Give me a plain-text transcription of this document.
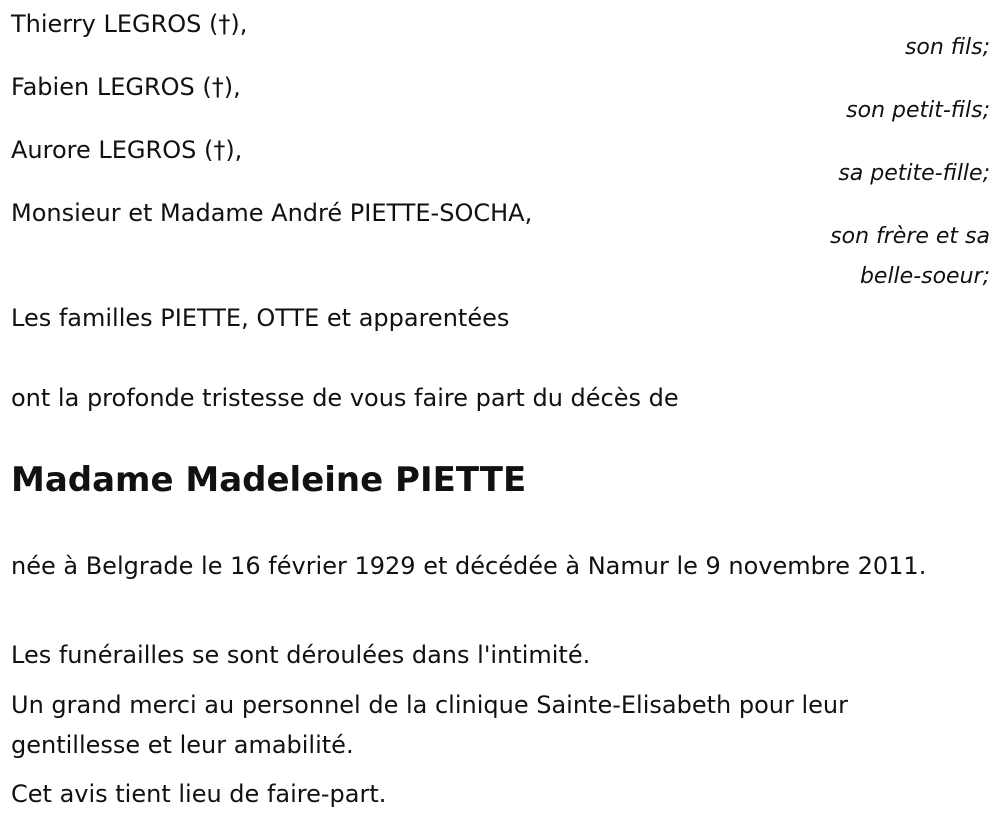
Thierry LEGROS (†),
son fils;
Fabien LEGROS (†),
son petit-fils;
Aurore LEGROS (†),
sa petite-fille;
Monsieur et Madame André PIETTE-SOCHA,
son frère et sa
belle-soeur;
Les familles PIETTE, OTTE et apparentées
ont la profonde tristesse de vous faire part du décès de
Madame Madeleine PIETTE
née à Belgrade le 16 février 1929 et décédée à Namur le 9 novembre 2011.
Les funérailles se sont déroulées dans l'intimité.
Un grand merci au personnel de la clinique Sainte-Elisabeth pour leur gentillesse et leur amabilité.
Cet avis tient lieu de faire-part.
